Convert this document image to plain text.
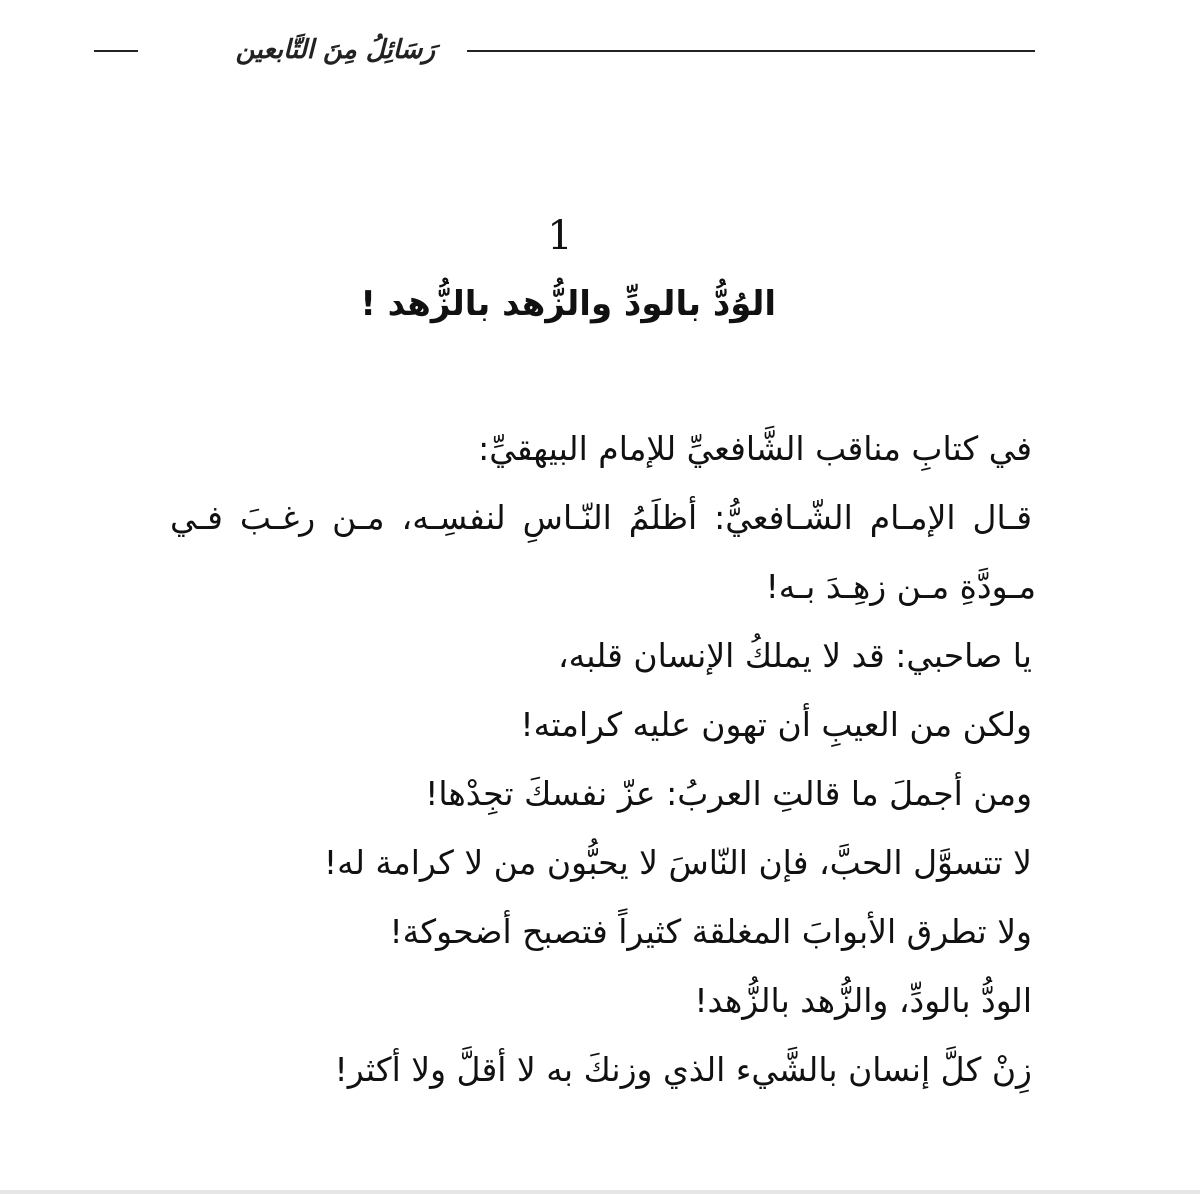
رَسَائِلُ مِنَ التَّابعين
1
الوُدُّ بالودِّ والزُّهد بالزُّهد !
في كتابِ مناقب الشَّافعيِّ للإمام البيهقيِّ:
قـال الإمـام الشّـافعيُّ: أظلَمُ النّـاسِ لنفسِـه، مـن رغـبَ فـي
مـودَّةِ مـن زهِـدَ بـه!
يا صاحبي: قد لا يملكُ الإنسان قلبه،
ولكن من العيبِ أن تهون عليه كرامته!
ومن أجملَ ما قالتِ العربُ: عزّ نفسكَ تجِدْها!
لا تتسوَّل الحبَّ، فإن النّاسَ لا يحبُّون من لا كرامة له!
ولا تطرق الأبوابَ المغلقة كثيراً فتصبح أضحوكة!
الودُّ بالودِّ، والزُّهد بالزُّهد!
زِنْ كلَّ إنسان بالشَّيء الذي وزنكَ به لا أقلَّ ولا أكثر!
